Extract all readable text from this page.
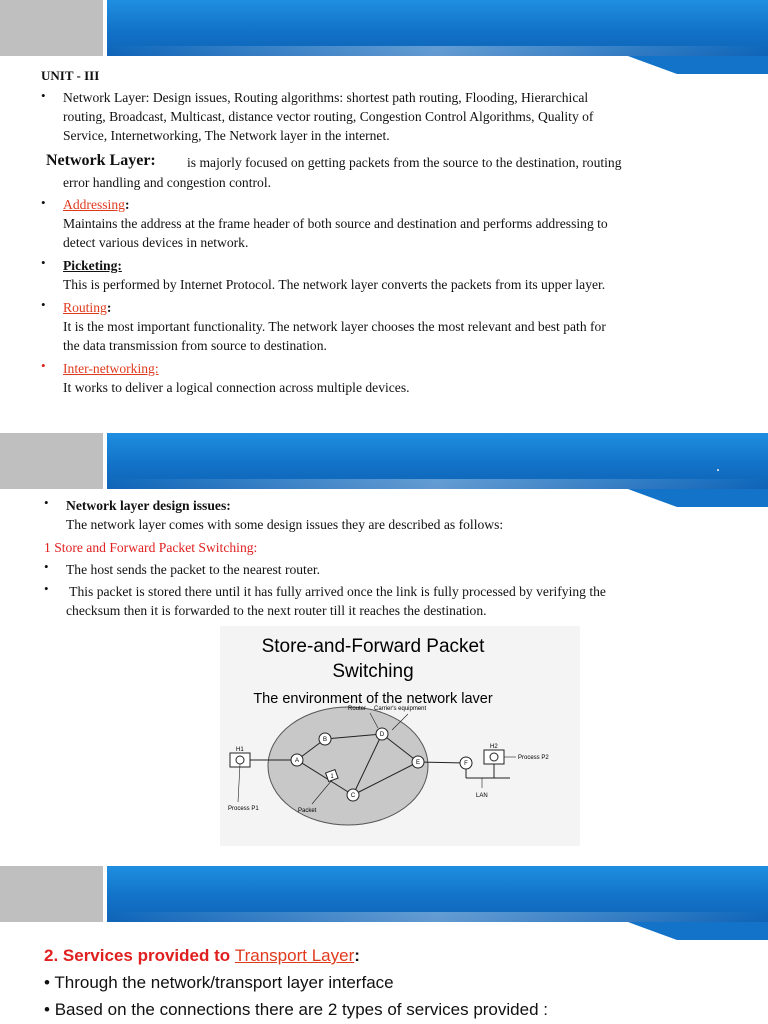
UNIT - III
• Network Layer: Design issues, Routing algorithms: shortest path routing, Flooding, Hierarchical
routing, Broadcast, Multicast, distance vector routing, Congestion Control Algorithms, Quality of
Service, Internetworking, The Network layer in the internet.
Network Layer: is majorly focused on getting packets from the source to the destination, routing
error handling and congestion control.
• Addressing:
Maintains the address at the frame header of both source and destination and performs addressing to
detect various devices in network.
• Picketing:
This is performed by Internet Protocol. The network layer converts the packets from its upper layer.
• Routing:
It is the most important functionality. The network layer chooses the most relevant and best path for
the data transmission from source to destination.
• Inter-networking:
It works to deliver a logical connection across multiple devices.
.
• Network layer design issues:
The network layer comes with some design issues they are described as follows:
1 Store and Forward Packet Switching:
• The host sends the packet to the nearest router.
• This packet is stored there until it has fully arrived once the link is fully processed by verifying the
checksum then it is forwarded to the next router till it reaches the destination.
Store-and-Forward Packet
Switching
The environment of the network laver
A
B
C
D
E	F
1
Router Carrier's equipment
H1	H2
Process P1
Process P2
Packet
LAN
2. Services provided to Transport Layer:
• Through the network/transport layer interface
• Based on the connections there are 2 types of services provided :
